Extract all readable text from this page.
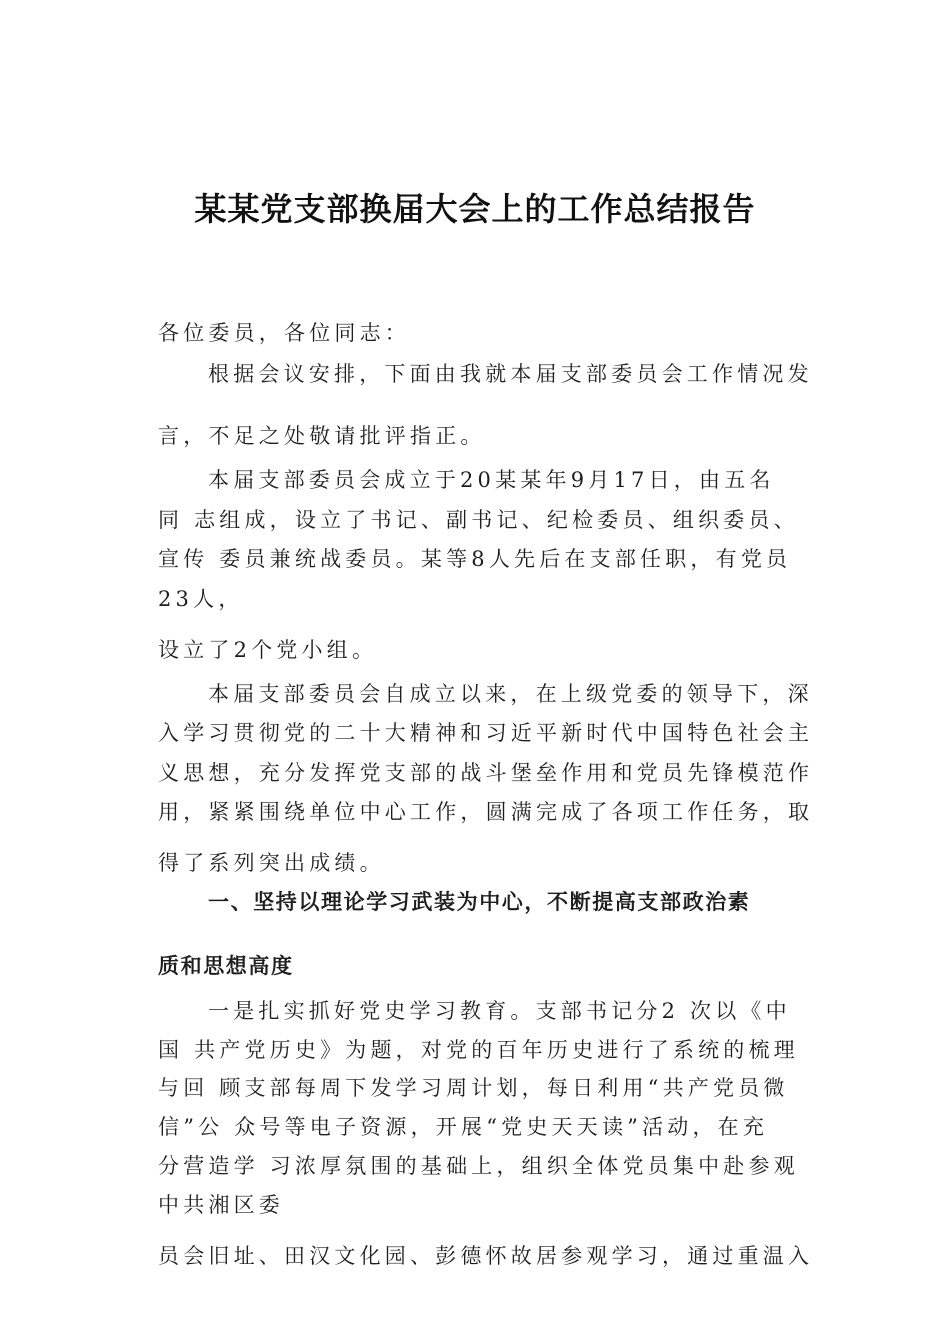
某某党支部换届大会上的工作总结报告
各位委员，各位同志：
根据会议安排，下面由我就本届支部委员会工作情况发
言，不足之处敬请批评指正。
本届支部委员会成立于20某某年9月17日，由五名
同 志组成，设立了书记、副书记、纪检委员、组织委员、
宣传 委员兼统战委员。某等8人先后在支部任职，有党员
23人，
设立了2个党小组。
本届支部委员会自成立以来，在上级党委的领导下，深
入学习贯彻党的二十大精神和习近平新时代中国特色社会主
义思想，充分发挥党支部的战斗堡垒作用和党员先锋模范作
用，紧紧围绕单位中心工作，圆满完成了各项工作任务，取
得了系列突出成绩。
一、坚持以理论学习武装为中心，不断提高支部政治素
质和思想高度
一是扎实抓好党史学习教育。支部书记分2 次以《中
国 共产党历史》为题，对党的百年历史进行了系统的梳理
与回 顾支部每周下发学习周计划，每日利用“共产党员微
信”公 众号等电子资源，开展“党史天天读”活动，在充
分营造学 习浓厚氛围的基础上，组织全体党员集中赴参观
中共湘区委
员会旧址、田汉文化园、彭德怀故居参观学习，通过重温入
